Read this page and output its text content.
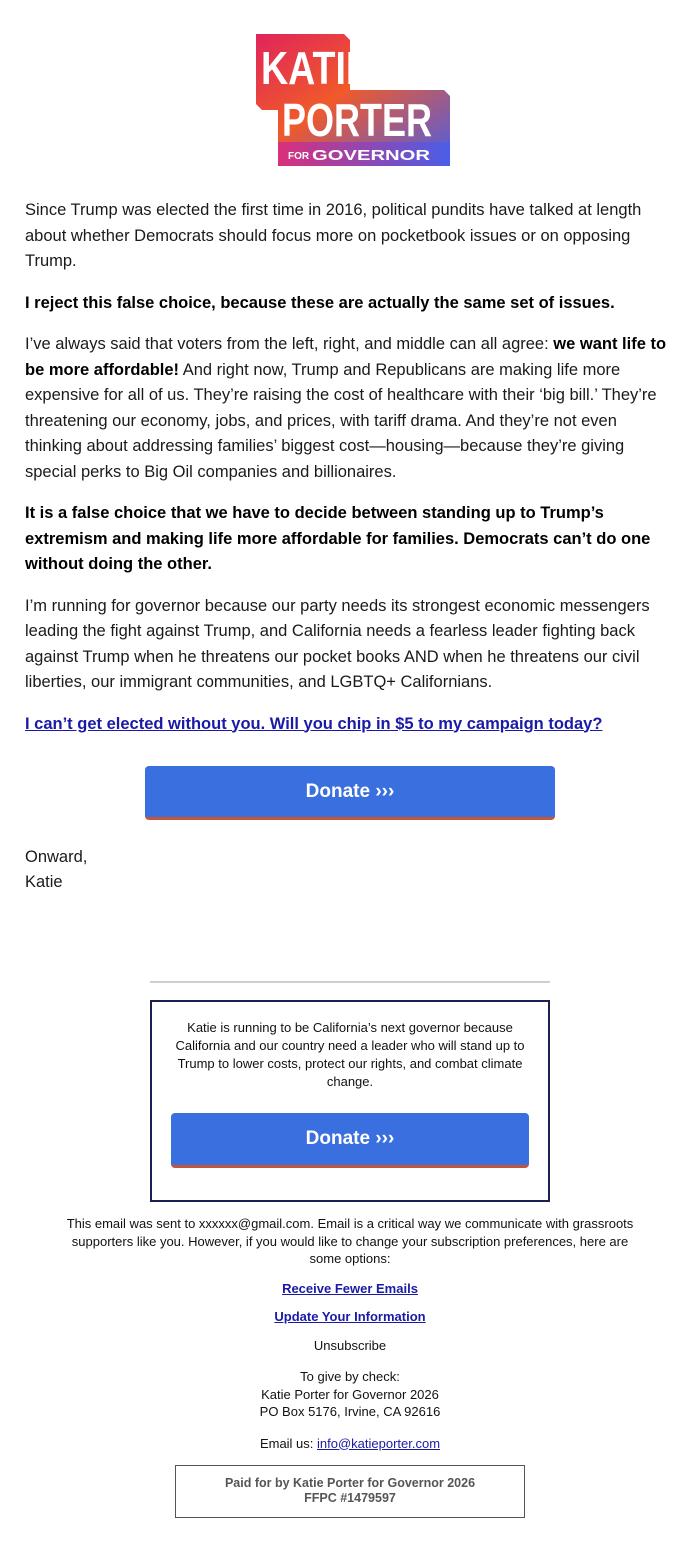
KATIE
PORTER
FOR GOVERNOR

Since Trump was elected the first time in 2016, political pundits have talked at length about whether Democrats should focus more on pocketbook issues or on opposing Trump.

I reject this false choice, because these are actually the same set of issues.

I’ve always said that voters from the left, right, and middle can all agree: we want life to be more affordable! And right now, Trump and Republicans are making life more expensive for all of us. They’re raising the cost of healthcare with their ‘big bill.’ They’re threatening our economy, jobs, and prices, with tariff drama. And they’re not even thinking about addressing families’ biggest cost—housing—because they’re giving special perks to Big Oil companies and billionaires.

It is a false choice that we have to decide between standing up to Trump’s extremism and making life more affordable for families. Democrats can’t do one without doing the other.

I’m running for governor because our party needs its strongest economic messengers leading the fight against Trump, and California needs a fearless leader fighting back against Trump when he threatens our pocket books AND when he threatens our civil liberties, our immigrant communities, and LGBTQ+ Californians.

I can’t get elected without you. Will you chip in $5 to my campaign today?

Donate ›››
Onward,
Katie
Katie is running to be California’s next governor because California and our country need a leader who will stand up to Trump to lower costs, protect our rights, and combat climate change.
Donate ›››

This email was sent to xxxxxx@gmail.com. Email is a critical way we communicate with grassroots supporters like you. However, if you would like to change your subscription preferences, here are some options:

Receive Fewer Emails

Update Your Information

Unsubscribe

To give by check:
Katie Porter for Governor 2026
PO Box 5176, Irvine, CA 92616
Email us: info@katieporter.com
Paid for by Katie Porter for Governor 2026
FFPC #1479597
